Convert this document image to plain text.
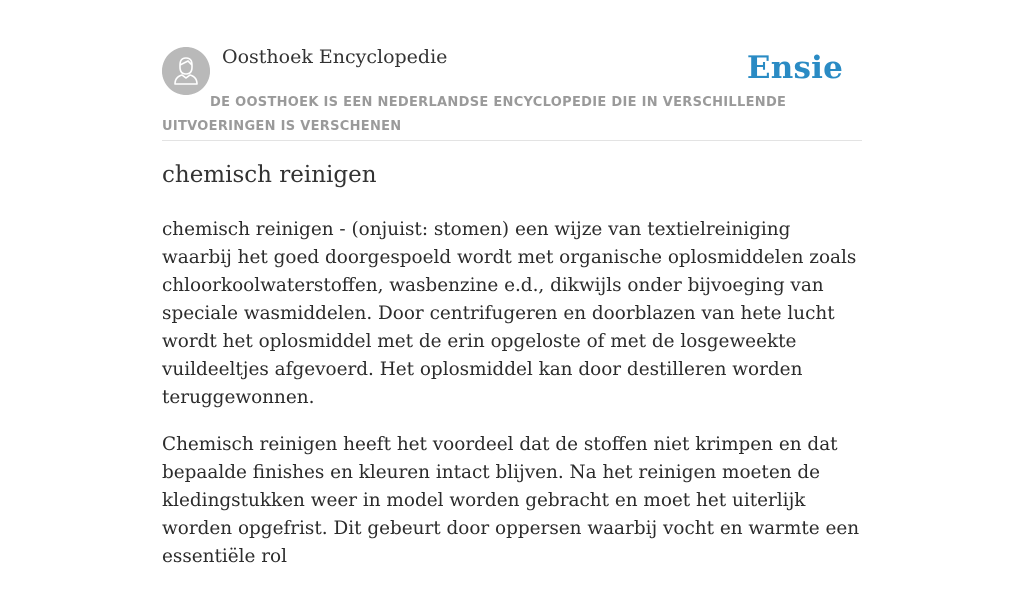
Oosthoek Encyclopedie	Ensie
DE OOSTHOEK IS EEN NEDERLANDSE ENCYCLOPEDIE DIE IN VERSCHILLENDE UITVOERINGEN IS VERSCHENEN
chemisch reinigen

chemisch reinigen - (onjuist: stomen) een wijze van textielreiniging waarbij het goed doorgespoeld wordt met organische oplosmiddelen zoals chloorkoolwaterstoffen, wasbenzine e.d., dikwijls onder bijvoeging van speciale wasmiddelen. Door centrifugeren en doorblazen van hete lucht wordt het oplosmiddel met de erin opgeloste of met de losgeweekte vuildeeltjes afgevoerd. Het oplosmiddel kan door destilleren worden teruggewonnen.

Chemisch reinigen heeft het voordeel dat de stoffen niet krimpen en dat bepaalde finishes en kleuren intact blijven. Na het reinigen moeten de kledingstukken weer in model worden gebracht en moet het uiterlijk worden opgefrist. Dit gebeurt door oppersen waarbij vocht en warmte een essentiële rol
